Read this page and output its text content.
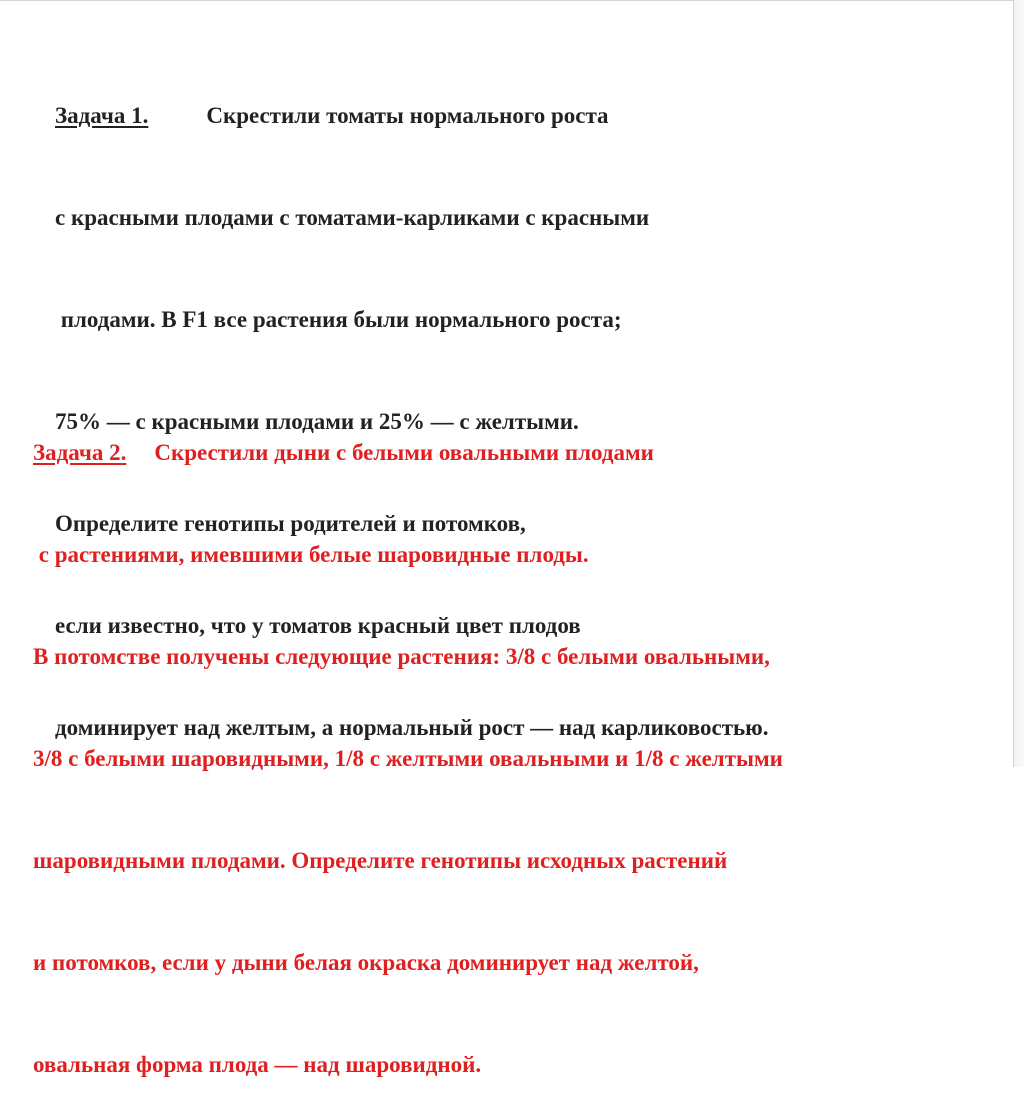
Задача 1.	Скрестили томаты нормального роста

с красными плодами с томатами-карликами с красными

плодами. В F1 все растения были нормального роста;

75% — с красными плодами и 25% — с желтыми.

Определите генотипы родителей и потомков,

если известно, что у томатов красный цвет плодов

доминирует над желтым, а нормальный рост — над карликовостью.

Задача 2. Скрестили дыни с белыми овальными плодами

с растениями, имевшими белые шаровидные плоды.

В потомстве получены следующие растения: 3/8 с белыми овальными,

3/8 с белыми шаровидными, 1/8 с желтыми овальными и 1/8 с желтыми

шаровидными плодами. Определите генотипы исходных растений

и потомков, если у дыни белая окраска доминирует над желтой,

овальная форма плода — над шаровидной.
